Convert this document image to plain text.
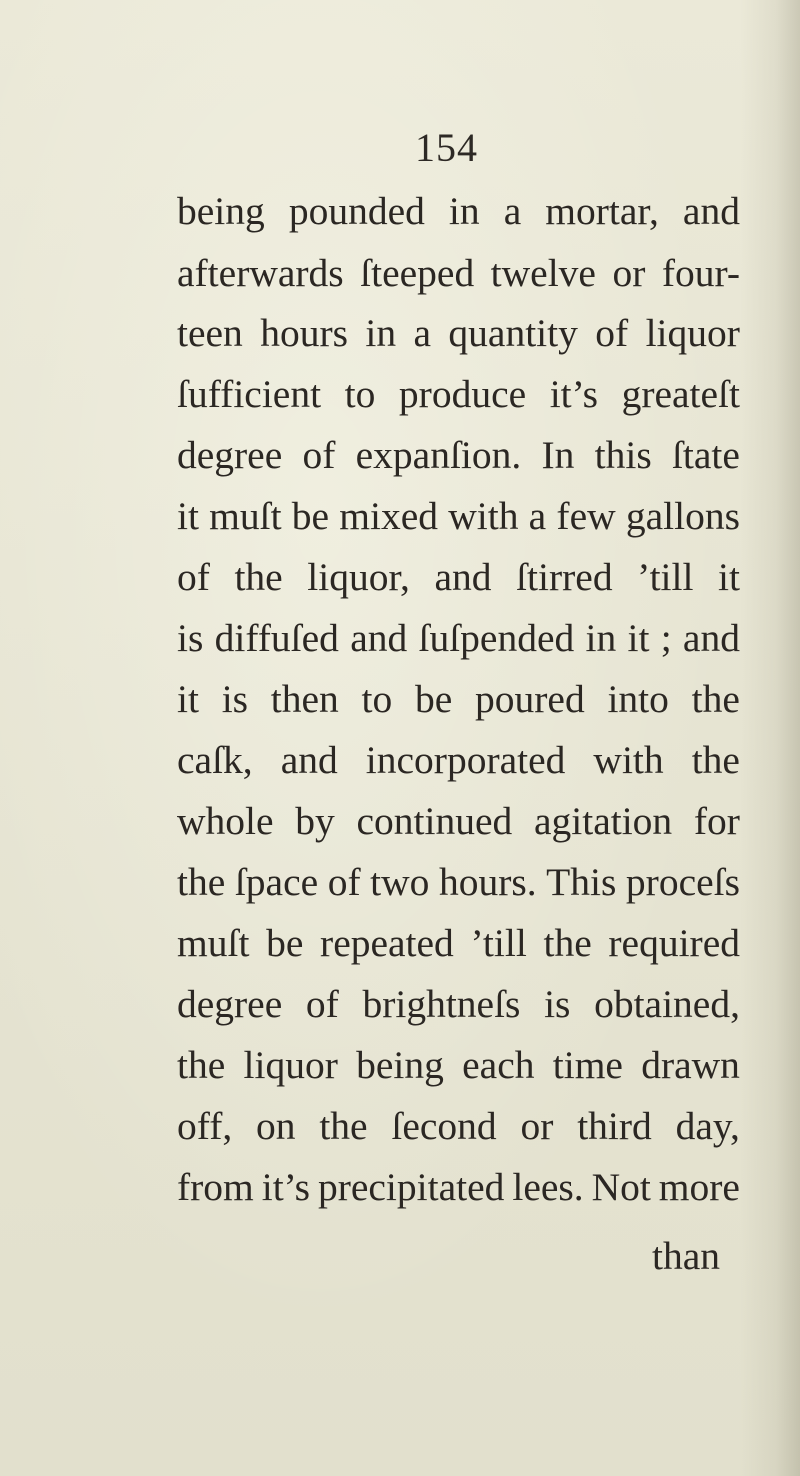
154
being pounded in a mortar, and
afterwards ſteeped twelve or four-
teen hours in a quantity of liquor
ſufficient to produce it’s greateſt
degree of expanſion. In this ſtate
it muſt be mixed with a few gallons
of the liquor, and ſtirred ’till it
is diffuſed and ſuſpended in it ; and
it is then to be poured into the
caſk, and incorporated with the
whole by continued agitation for
the ſpace of two hours. This proceſs
muſt be repeated ’till the required
degree of brightneſs is obtained,
the liquor being each time drawn
off, on the ſecond or third day,
from it’s precipitated lees. Not more
than
